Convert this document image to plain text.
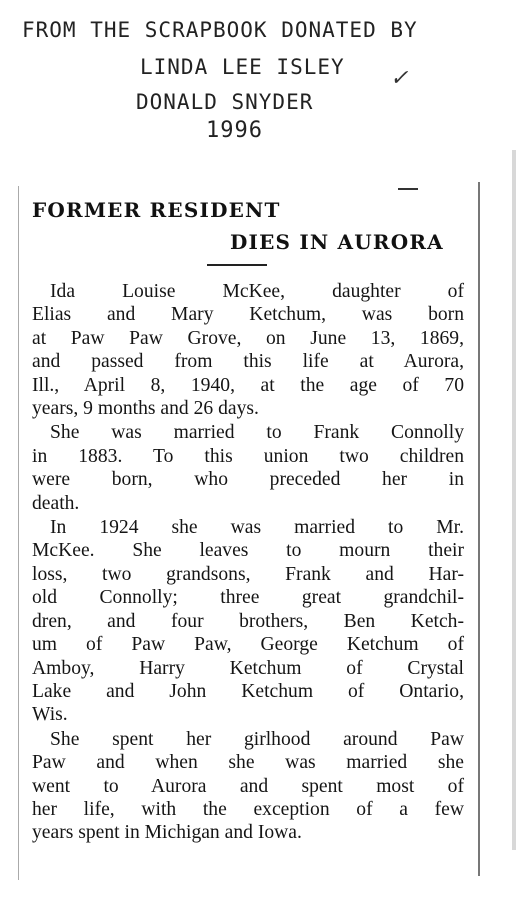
FROM THE SCRAPBOOK DONATED BY
LINDA LEE ISLEY ✓
DONALD SNYDER
1996
FORMER RESIDENT
DIES IN AURORA

Ida Louise McKee, daughter of
Elias and Mary Ketchum, was born
at Paw Paw Grove, on June 13, 1869,
and passed from this life at Aurora,
Ill., April 8, 1940, at the age of 70
years, 9 months and 26 days.

She was married to Frank Connolly
in 1883. To this union two children
were born, who preceded her in
death.

In 1924 she was married to Mr.
McKee. She leaves to mourn their
loss, two grandsons, Frank and Har-
old Connolly; three great grandchil-
dren, and four brothers, Ben Ketch-
um of Paw Paw, George Ketchum of
Amboy, Harry Ketchum of Crystal
Lake and John Ketchum of Ontario,
Wis.

She spent her girlhood around Paw
Paw and when she was married she
went to Aurora and spent most of
her life, with the exception of a few
years spent in Michigan and Iowa.
